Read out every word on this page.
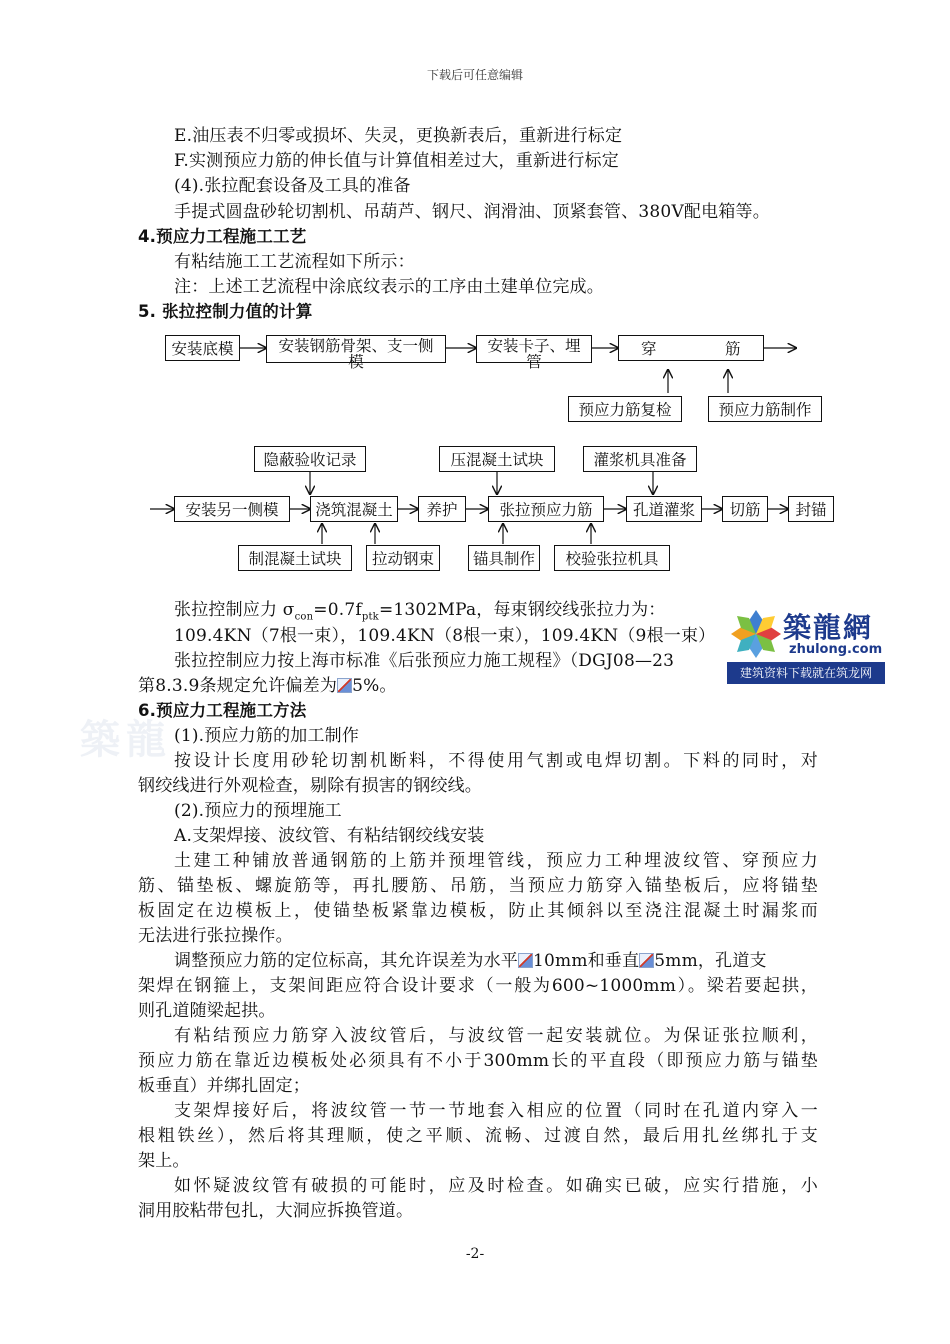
下载后可任意编辑
築龍
E.油压表不归零或损坏、失灵，更换新表后，重新进行标定
F.实测预应力筋的伸长值与计算值相差过大，重新进行标定
(4).张拉配套设备及工具的准备
手提式圆盘砂轮切割机、吊葫芦、钢尺、润滑油、顶紧套管、380V配电箱等。
4.预应力工程施工工艺
有粘结施工工艺流程如下所示：
注：上述工艺流程中涂底纹表示的工序由土建单位完成。
5. 张拉控制力值的计算
安装底模	安装钢筋骨架、支一侧
模
安装卡子、埋
管
穿	筋
预应力筋复检	预应力筋制作
隐蔽验收记录	压混凝土试块	灌浆机具准备
安装另一侧模	浇筑混凝土	养护	张拉预应力筋	孔道灌浆	切筋	封锚
制混凝土试块	拉动钢束	锚具制作	校验张拉机具
张拉控制应力 $\sigma_{con}=0.7f_{ptk}=1302MPa$，每束钢绞线张拉力为：
109.4KN（7根一束），109.4KN（8根一束），109.4KN（9根一束）
张拉控制应力按上海市标准《后张预应力施工规程》（DGJ08—23
第8.3.9条规定允许偏差为 5%。
築龍網
zhulong.com
建筑资料下载就在筑龙网
6.预应力工程施工方法
(1).预应力筋的加工制作
按设计长度用砂轮切割机断料，不得使用气割或电焊切割。下料的同时，对
钢绞线进行外观检查，剔除有损害的钢绞线。
(2).预应力的预埋施工
A.支架焊接、波纹管、有粘结钢绞线安装
土建工种铺放普通钢筋的上筋并预埋管线，预应力工种埋波纹管、穿预应力
筋、锚垫板、螺旋筋等，再扎腰筋、吊筋，当预应力筋穿入锚垫板后，应将锚垫
板固定在边模板上，使锚垫板紧靠边模板，防止其倾斜以至浇注混凝土时漏浆而
无法进行张拉操作。
调整预应力筋的定位标高，其允许误差为水平 10mm和垂直 5mm，孔道支
架焊在钢箍上，支架间距应符合设计要求（一般为600~1000mm）。梁若要起拱，
则孔道随梁起拱。
有粘结预应力筋穿入波纹管后，与波纹管一起安装就位。为保证张拉顺利，
预应力筋在靠近边模板处必须具有不小于300mm长的平直段（即预应力筋与锚垫
板垂直）并绑扎固定；
支架焊接好后，将波纹管一节一节地套入相应的位置（同时在孔道内穿入一
根粗铁丝），然后将其理顺，使之平顺、流畅、过渡自然，最后用扎丝绑扎于支
架上。
如怀疑波纹管有破损的可能时，应及时检查。如确实已破，应实行措施，小
洞用胶粘带包扎，大洞应拆换管道。
-2-
